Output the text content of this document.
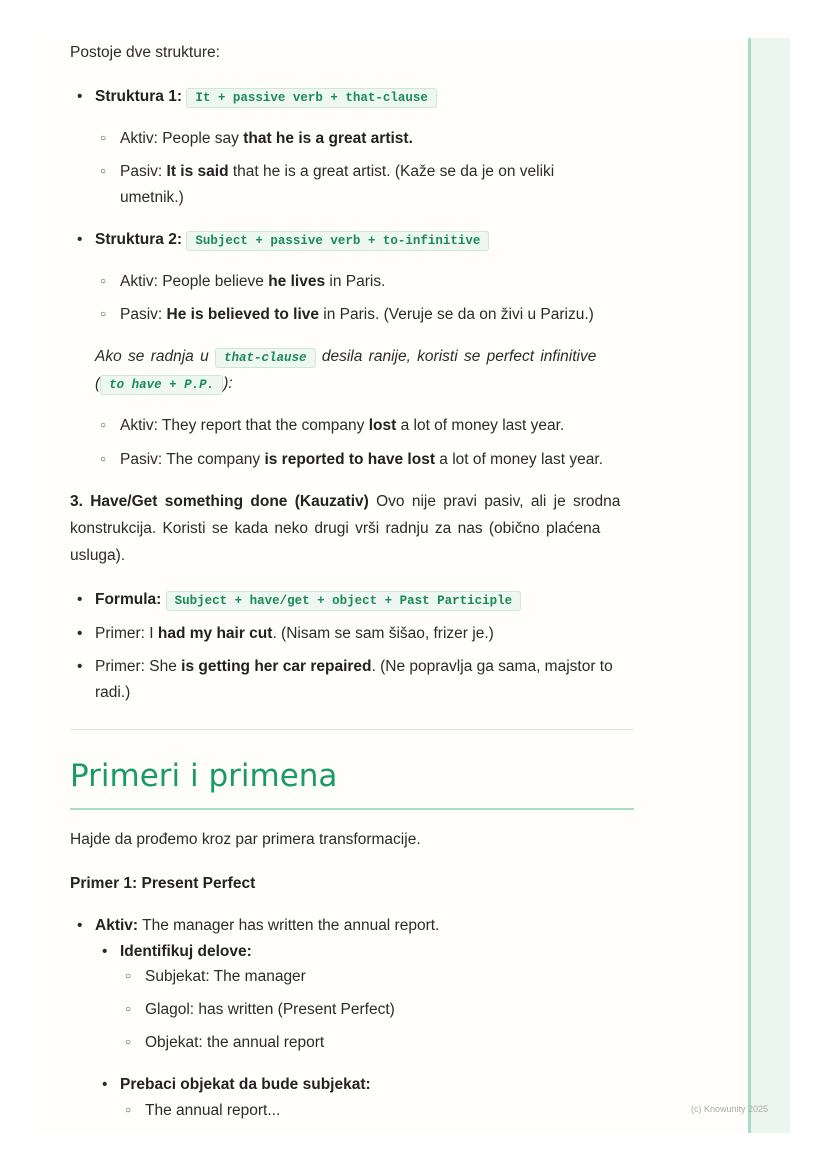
Postoje dve strukture:
• Struktura 1: It + passive verb + that-clause
○ Aktiv: People say that he is a great artist.
○ Pasiv: It is said that he is a great artist. (Kaže se da je on veliki
umetnik.)
• Struktura 2: Subject + passive verb + to-infinitive
○ Aktiv: People believe he lives in Paris.
○ Pasiv: He is believed to live in Paris. (Veruje se da on živi u Parizu.)
Ako se radnja u that-clause desila ranije, koristi se perfect infinitive
( to have + P.P. ):
○ Aktiv: They report that the company lost a lot of money last year.
○ Pasiv: The company is reported to have lost a lot of money last year.
3. Have/Get something done (Kauzativ) Ovo nije pravi pasiv, ali je srodna
konstrukcija. Koristi se kada neko drugi vrši radnju za nas (obično plaćena
usluga).
• Formula: Subject + have/get + object + Past Participle
• Primer: I had my hair cut. (Nisam se sam šišao, frizer je.)
• Primer: She is getting her car repaired. (Ne popravlja ga sama, majstor to
radi.)
Primeri i primena
Hajde da prođemo kroz par primera transformacije.
Primer 1: Present Perfect
• Aktiv: The manager has written the annual report.
• Identifikuj delove:
○ Subjekat: The manager
○ Glagol: has written (Present Perfect)
○ Objekat: the annual report
• Prebaci objekat da bude subjekat:
○ The annual report...	(c) Knowunity 2025
